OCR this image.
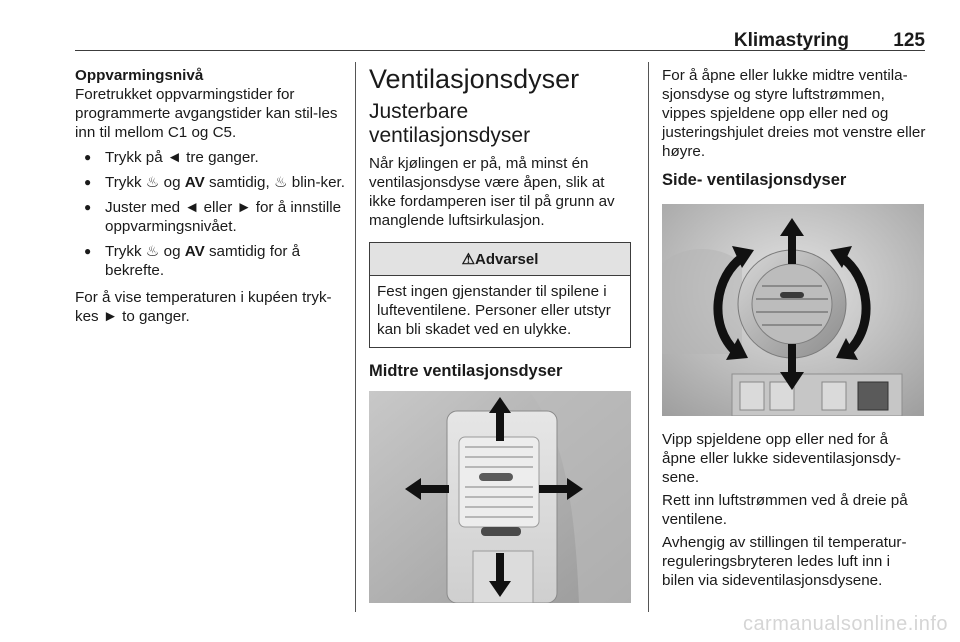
Klimastyring 125

Oppvarmingsnivå

Foretrukket oppvarmingstider for programmerte avgangstider kan stil-les inn til mellom C1 og C5.

● Trykk på ◄ tre ganger.
● Trykk ♨ og AV samtidig, ♨ blin-ker.
● Juster med ◄ eller ► for å innstille oppvarmingsnivået.
● Trykk ♨ og AV samtidig for å bekrefte.

For å vise temperaturen i kupéen tryk-kes ► to ganger.

Ventilasjonsdyser
Justerbare ventilasjonsdyser

Når kjølingen er på, må minst én ventilasjonsdyse være åpen, slik at ikke fordamperen iser til på grunn av manglende luftsirkulasjon.

⚠Advarsel
Fest ingen gjenstander til spilene i lufteventilene. Personer eller utstyr kan bli skadet ved en ulykke.
Midtre ventilasjonsdyser

For å åpne eller lukke midtre ventila-sjonsdyse og styre luftstrømmen, vippes spjeldene opp eller ned og justeringshjulet dreies mot venstre eller høyre.

Side- ventilasjonsdyser

Vipp spjeldene opp eller ned for å åpne eller lukke sideventilasjonsdy-sene.

Rett inn luftstrømmen ved å dreie på ventilene.

Avhengig av stillingen til temperatur-reguleringsbryteren ledes luft inn i bilen via sideventilasjonsdysene.

carmanualsonline.info
